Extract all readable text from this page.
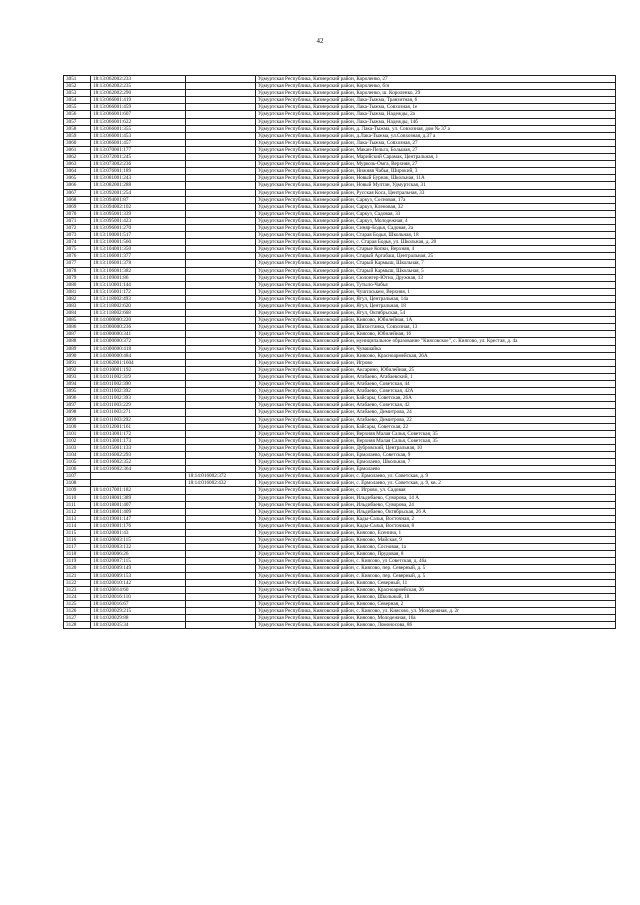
42
3051	18:13:062002:233		Удмуртская Республика, Кизнерский район, Короленко, 27
3052	18:13:062002:235		Удмуртская Республика, Кизнерский район, Короленко, б/н
3053	18:13:062002:290		Удмуртская Республика, Кизнерский район, Короленко, ш. Короленко, 29
3054	18:13:066001:419		Удмуртская Республика, Кизнерский район, Лака-Тыжма, Транзитная, 6
3055	18:13:066001:459		Удмуртская Республика, Кизнерский район, Лака-Тыжма, Совхозная, 1е
3056	18:13:066001:607		Удмуртская Республика, Кизнерский район, Лака-Тыжма, Надежды, 2а
3057	18:13:066001:622		Удмуртская Республика, Кизнерский район, Лака-Тыжма, Надежды, 14б
3058	18:13:066001:355		Удмуртская Республика, Кизнерский район, д. Лака-Тыжма, ул. Совхозная, дом № 37 а
3059	18:13:066001:453		Удмуртская Республика, Кизнерский район, д.Лака-Тыжма, ул.Совхозная, д.37 а
3060	18:13:066001:457		Удмуртская Республика, Кизнерский район, Лака-Тыжма, Совхозная, 27
3061	18:13:070001:177		Удмуртская Республика, Кизнерский район, Макан-Пельга, Большая, 27
3062	18:13:072001:245		Удмуртская Республика, Кизнерский район, Марийский Сарамак, Центральная, 1
3063	18:13:073002:236		Удмуртская Республика, Кизнерский район, Муркозь-Омга, Верхняя, 27
3064	18:13:076001:189		Удмуртская Республика, Кизнерский район, Нижняя Чабья, Широкий, 3
3065	18:13:081001:243		Удмуртская Республика, Кизнерский район, Новый Бурнак, Школьная, 11А
3066	18:13:082001:288		Удмуртская Республика, Кизнерский район, Новый Мултан, Удмуртская, 31
3067	18:13:092001:254		Удмуртская Республика, Кизнерский район, Русская Коса, Центральная, 33
3068	18:13:094001:87		Удмуртская Республика, Кизнерский район, Саркуз, Сосновая, 17а
3069	18:13:094002:102		Удмуртская Республика, Кизнерский район, Саркуз, Кленовая, 32
3070	18:13:095001:339		Удмуртская Республика, Кизнерский район, Саркуз, Садовая, 33
3071	18:13:095001:423		Удмуртская Республика, Кизнерский район, Саркуз, Молодежная, 4
3072	18:13:096001:270		Удмуртская Республика, Кизнерский район, Синяр-Бодья, Садовая, 2а
3073	18:13:100001:517		Удмуртская Республика, Кизнерский район, Старая Бодья, Школьная, 18
3074	18:13:100001:560		Удмуртская Республика, Кизнерский район, с. Старая Бодья, ул. Школьная, д. 20
3075	18:13:104001:350		Удмуртская Республика, Кизнерский район, Старые Копки, Верхняя, 4
3076	18:13:106001:377		Удмуртская Республика, Кизнерский район, Старый Аргабаш, Центральная, 25
3077	18:13:106001:378		Удмуртская Республика, Кизнерский район, Старый Кармыш, Школьная, 7
3078	18:13:106001:382		Удмуртская Республика, Кизнерский район, Старый Кармыш, Школьная, 5
3079	18:13:109001:86		Удмуртская Республика, Кизнерский район, Сюлонгер-Ютна, Дружная, 13
3080	18:13:110001:144		Удмуртская Республика, Кизнерский район, Тутыло-Чабья
3081	18:13:116001:172		Удмуртская Республика, Кизнерский район, Чуштаськем, Верхняя, 1
3082	18:13:118002:493		Удмуртская Республика, Кизнерский район, Ягул, Центральная, 14а
3083	18:13:118002:620		Удмуртская Республика, Кизнерский район, Ягул, Центральная, 18
3084	18:13:118002:668		Удмуртская Республика, Кизнерский район, Ягул, Октябрьская, 54
3085	18:14:000000:220		Удмуртская Республика, Киясовский район, Киясово, Юбилейная, 1А
3086	18:14:000000:236		Удмуртская Республика, Киясовский район, Шихостанка, Совхозная, 13
3087	18:14:000000:341		Удмуртская Республика, Киясовский район, Киясово, Юбилейная, 16
3088	18:14:000000:372		Удмуртская Республика, Киясовский район, муниципальное образование "Киясовское", с. Киясово, ул. Крестая, д. 4а
3089	18:14:000000:418		Удмуртская Республика, Киясовский район, Чувашайка
3090	18:14:000000:484		Удмуртская Республика, Киясовский район, Киясово, Красноармейская, 26А
3091	18:14:002001:1604		Удмуртская Республика, Киясовский район, Игрово
3092	18:14:010001:192		Удмуртская Республика, Киясовский район, Аксарино, Юбилейная, 25
3093	18:14:011002:319		Удмуртская Республика, Киясовский район, Атабаево, Атабаевский, 1
3094	18:14:011002:390		Удмуртская Республика, Киясовский район, Атабаево, Советская, 44
3095	18:14:011002:392		Удмуртская Республика, Киясовский район, Атабаево, Советская, 42А
3096	18:14:011002:393		Удмуртская Республика, Киясовский район, Байсары, Советская, 26А
3097	18:14:011003:229		Удмуртская Республика, Киясовский район, Атабаево, Советская, 42
3098	18:14:011003:271		Удмуртская Республика, Киясовский район, Атабаево, Димитрова, 24
3099	18:14:011003:292		Удмуртская Республика, Киясовский район, Атабаево, Димитрова, 22
3100	18:14:012001:161		Удмуртская Республика, Киясовский район, Байсары, Советская, 22
3101	18:14:013001:172		Удмуртская Республика, Киясовский район, Верхняя Малая Салья, Советская, 35
3102	18:14:013001:173		Удмуртская Республика, Киясовский район, Верхняя Малая Салья, Советская, 35
3103	18:14:015001:133		Удмуртская Республика, Киясовский район, Дубровский, Центральная, 10
3104	18:14:016002:293		Удмуртская Республика, Киясовский район, Ермолаево, Советская, 9
3105	18:14:016002:352		Удмуртская Республика, Киясовский район, Ермолаево, Школьная, 7
3106	18:14:016002:364		Удмуртская Республика, Киясовский район, Ермолаево
3107		18:14:016002:372	Удмуртская Республика, Киясовский район, с. Ермолаево, ул. Советская, д. 9
3108		18:14:016002:432	Удмуртская Республика, Киясовский район, с. Ермолаево, ул. Советская, д. 9, кв. 2
3109	18:14:017001:182		Удмуртская Республика, Киясовский район, с. Игрово, ул. Садовая
3110	18:14:018001:389		Удмуртская Республика, Киясовский район, Ильдибаево, Суворова, 14 А
3111	18:14:018001:407		Удмуртская Республика, Киясовский район, Ильдибаево, Суворова, 24
3112	18:14:018001:409		Удмуртская Республика, Киясовский район, Ильдибаево, Октябрьская, 26 А
3113	18:14:019001:147		Удмуртская Республика, Киясовский район, Кады-Салья, Восточная, 2
3114	18:14:019001:176		Удмуртская Республика, Киясовский район, Кады-Салья, Восточная, 8
3115	18:14:020001:43		Удмуртская Республика, Киясовский район, Киясово, Есенина, 1
3116	18:14:020003:115		Удмуртская Республика, Киясовский район, Киясово, Майская, 9
3117	18:14:020003:132		Удмуртская Республика, Киясовский район, Киясово, Сосновая, 1а
3118	18:14:020006:26		Удмуртская Республика, Киясовский район, Киясово, Прудовая, 8
3119	18:14:020007:115		Удмуртская Республика, Киясовский район, с. Киясово, ул Советская, д. 46а
3120	18:14:020009:149		Удмуртская Республика, Киясовский район, с. Киясово, пер. Северный, д. 5
3121	18:14:020009:153		Удмуртская Республика, Киясовский район, с. Киясово, пер. Северный, д. 5
3122	18:14:020010:142		Удмуртская Республика, Киясовский район, Киясово, Северный, 11
3123	18:14:020014:60		Удмуртская Республика, Киясовский район, Киясово, Красноармейская, 26
3124	18:14:020016:110		Удмуртская Республика, Киясовский район, Киясово, Школьный, 18
3125	18:14:020016:67		Удмуртская Республика, Киясовский район, Киясово, Северная, 2
3126	18:14:020029:215		Удмуртская Республика, Киясовский район, с. Киясово, ул. Киясово, ул. Молодежная, д. 2г
3127	18:14:020029:88		Удмуртская Республика, Киясовский район, Киясово, Молодежная, 16а
3128	18:14:020035:34		Удмуртская Республика, Киясовский район, Киясово, Ломоносова, 86
